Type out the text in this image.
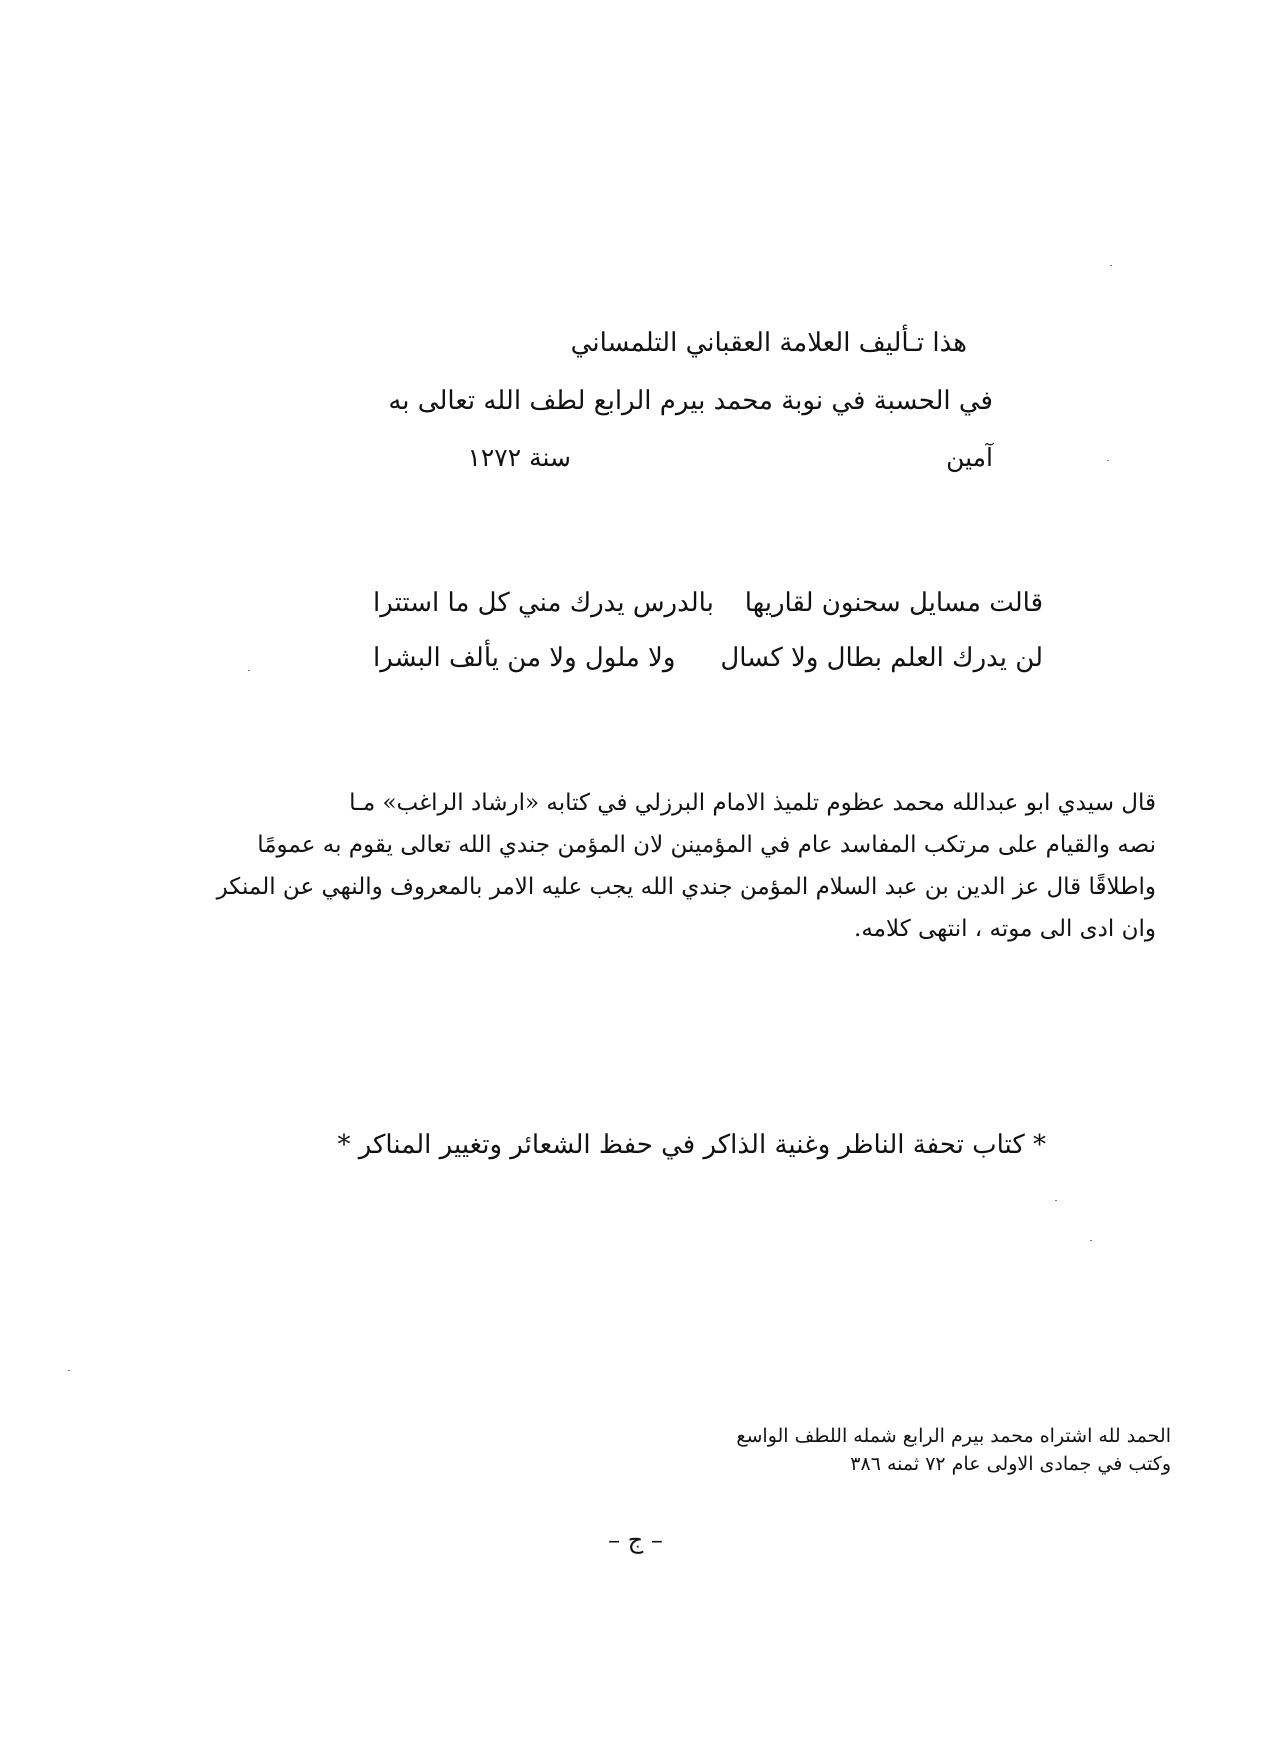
هذا تـأليف العلامة العقباني التلمساني
في الحسبة في نوبة محمد بيرم الرابع لطف الله تعالى به
آمين
سنة ١٢٧٢
قالت مسايل سحنون لقاريها
بالدرس يدرك مني كل ما استترا
لن يدرك العلم بطال ولا كسال
ولا ملول ولا من يألف البشرا
قال سيدي ابو عبدالله محمد عظوم تلميذ الامام البرزلي في كتابه «ارشاد الراغب» مـا
نصه والقيام على مرتكب المفاسد عام في المؤمينن لان المؤمن جندي الله تعالى يقوم به عمومًا
واطلاقًا قال عز الدين بن عبد السلام المؤمن جندي الله يجب عليه الامر بالمعروف والنهي عن المنكر
وان ادى الى موته ، انتهى كلامه.
* كتاب تحفة الناظر وغنية الذاكر في حفظ الشعائر وتغيير المناكر *
الحمد لله اشتراه محمد بيرم الرابع شمله اللطف الواسع
وكتب في جمادى الاولى عام ٧٢ ثمنه ٣٨٦
– ج –
